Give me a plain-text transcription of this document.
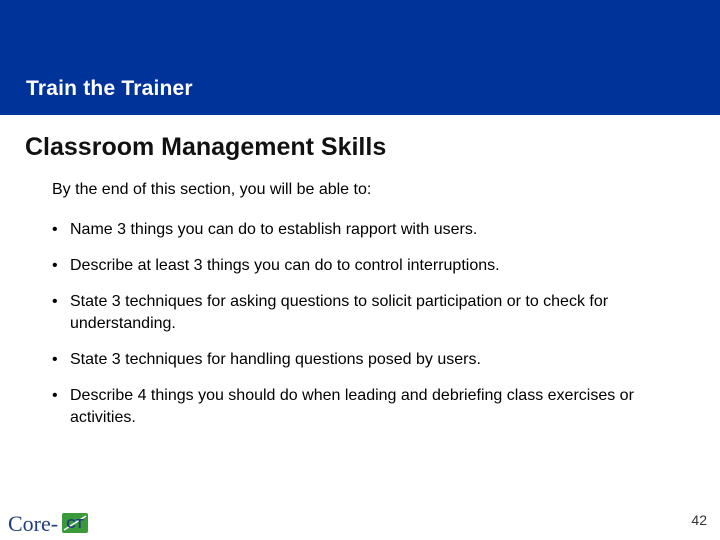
Train the Trainer
Classroom Management Skills
By the end of this section, you will be able to:
• Name 3 things you can do to establish rapport with users.
• Describe at least 3 things you can do to control interruptions.
• State 3 techniques for asking questions to solicit participation or to check for understanding.
• State 3 techniques for handling questions posed by users.
• Describe 4 things you should do when leading and debriefing class exercises or activities.
Core- CT	42
